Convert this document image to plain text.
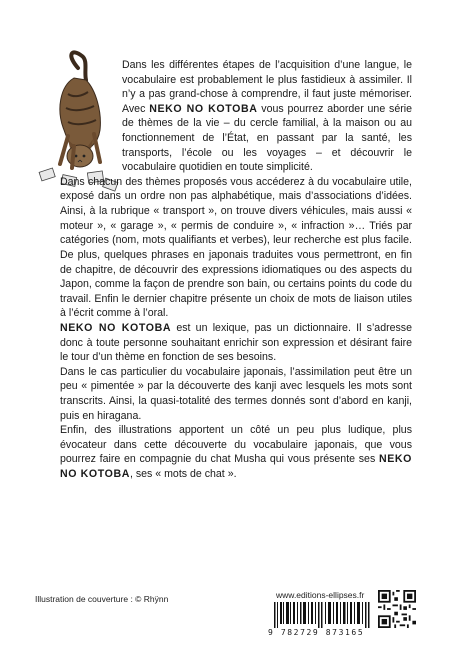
Dans les différentes étapes de l’acquisition d’une langue, le vocabulaire est probablement le plus fastidieux à assimiler. Il n’y a pas grand-chose à comprendre, il faut juste mémoriser. Avec NEKO NO KOTOBA vous pourrez aborder une série de thèmes de la vie – du cercle familial, à la maison ou au fonctionnement de l’État, en passant par la santé, les transports, l’école ou les voyages – et découvrir le vocabulaire quotidien en toute simplicité.

Dans chacun des thèmes proposés vous accéderez à du vocabulaire utile, exposé dans un ordre non pas alphabétique, mais d’associations d’idées. Ainsi, à la rubrique « transport », on trouve divers véhicules, mais aussi « moteur », « garage », « permis de conduire », « infraction »… Triés par catégories (nom, mots qualifiants et verbes), leur recherche est plus facile. De plus, quelques phrases en japonais traduites vous permettront, en fin de chapitre, de découvrir des expressions idiomatiques ou des aspects du Japon, comme la façon de prendre son bain, ou certains points du code du travail. Enfin le dernier chapitre présente un choix de mots de liaison utiles à l’écrit comme à l’oral.

NEKO NO KOTOBA est un lexique, pas un dictionnaire. Il s’adresse donc à toute personne souhaitant enrichir son expression et désirant faire le tour d’un thème en fonction de ses besoins.

Dans le cas particulier du vocabulaire japonais, l’assimilation peut être un peu « pimentée » par la découverte des kanji avec lesquels les mots sont transcrits. Ainsi, la quasi-totalité des termes donnés sont d’abord en kanji, puis en hiragana.

Enfin, des illustrations apportent un côté un peu plus ludique, plus évocateur dans cette découverte du vocabulaire japonais, que vous pourrez faire en compagnie du chat Musha qui vous présente ses NEKO NO KOTOBA, ses « mots de chat ».

Illustration de couverture : © Rhÿnn	www.editions-ellipses.fr
9 782729 873165
